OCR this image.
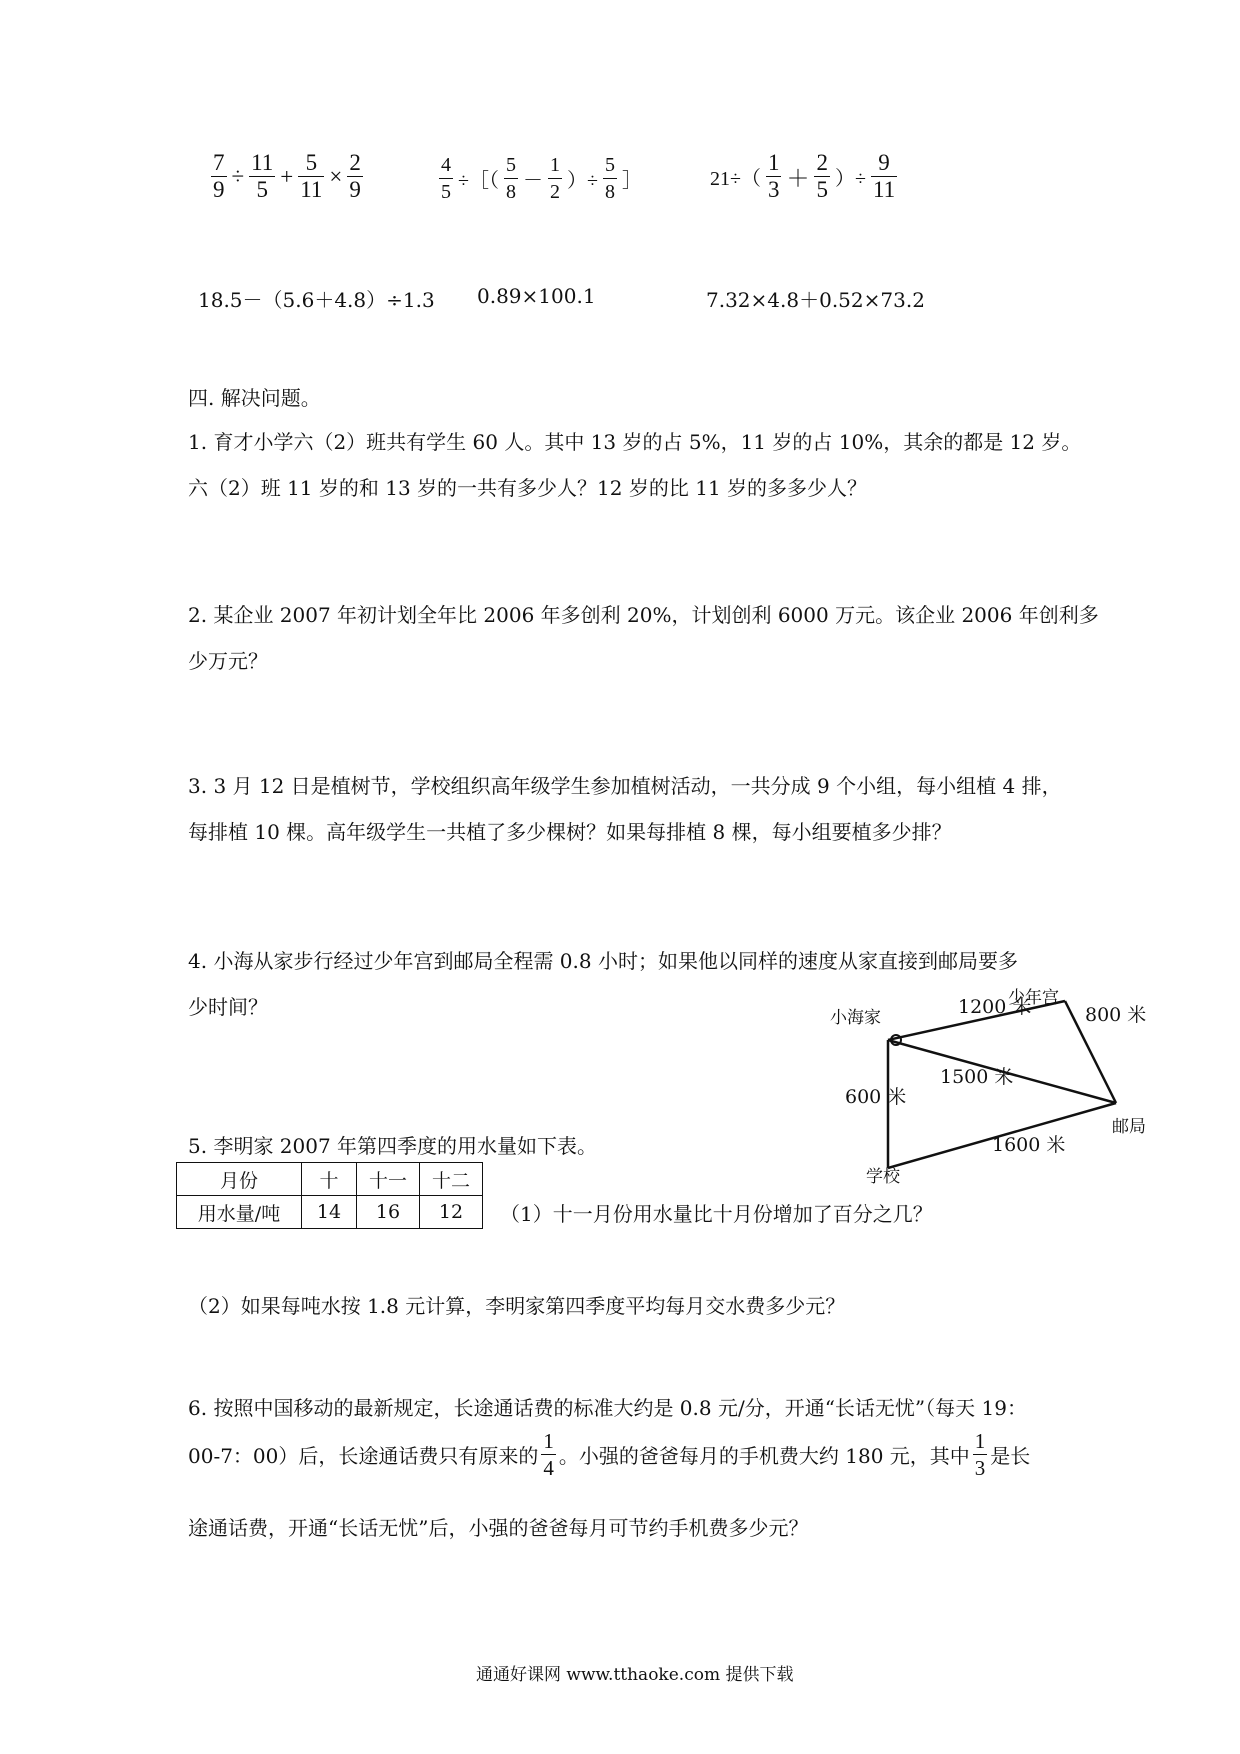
$\frac{7}{9} \div \frac{11}{5} + \frac{5}{11} \times \frac{2}{9}$	$\frac{4}{5}$ ÷［（ $\frac{5}{8} - \frac{1}{2}$ ）÷ $\frac{5}{8}$ ］	$21\div( \frac{1}{3} + \frac{2}{5}$ ）÷ $\frac{9}{11}$
18.5－（5.6＋4.8）÷1.3 0.89×100.1	7.32×4.8＋0.52×73.2
四. 解决问题。
1. 育才小学六（2）班共有学生 60 人。其中 13 岁的占 5%，11 岁的占 10%，其余的都是 12 岁。
六（2）班 11 岁的和 13 岁的一共有多少人？12 岁的比 11 岁的多多少人？
2. 某企业 2007 年初计划全年比 2006 年多创利 20%，计划创利 6000 万元。该企业 2006 年创利多
少万元？
3. 3 月 12 日是植树节，学校组织高年级学生参加植树活动，一共分成 9 个小组，每小组植 4 排，
每排植 10 棵。高年级学生一共植了多少棵树？如果每排植 8 棵，每小组要植多少排？
4. 小海从家步行经过少年宫到邮局全程需 0.8 小时；如果他以同样的速度从家直接到邮局要多
少时间？	小海家
少年宫
邮局
学校
1200 米	800 米
1500 米
600 米
1600 米
5. 李明家 2007 年第四季度的用水量如下表。
月份	十	十一	十二
用水量/吨	14	16	12 （1）十一月份用水量比十月份增加了百分之几？
（2）如果每吨水按 1.8 元计算，李明家第四季度平均每月交水费多少元？
6. 按照中国移动的最新规定，长途通话费的标准大约是 0.8 元/分，开通“长话无忧”（每天 19：
00-7：00）后，长途通话费只有原来的 $\frac{1}{4}$ 。小强的爸爸每月的手机费大约 180 元，其中 $\frac{1}{3}$ 是长
途通话费，开通“长话无忧”后，小强的爸爸每月可节约手机费多少元？
通通好课网 www.tthaoke.com 提供下载
